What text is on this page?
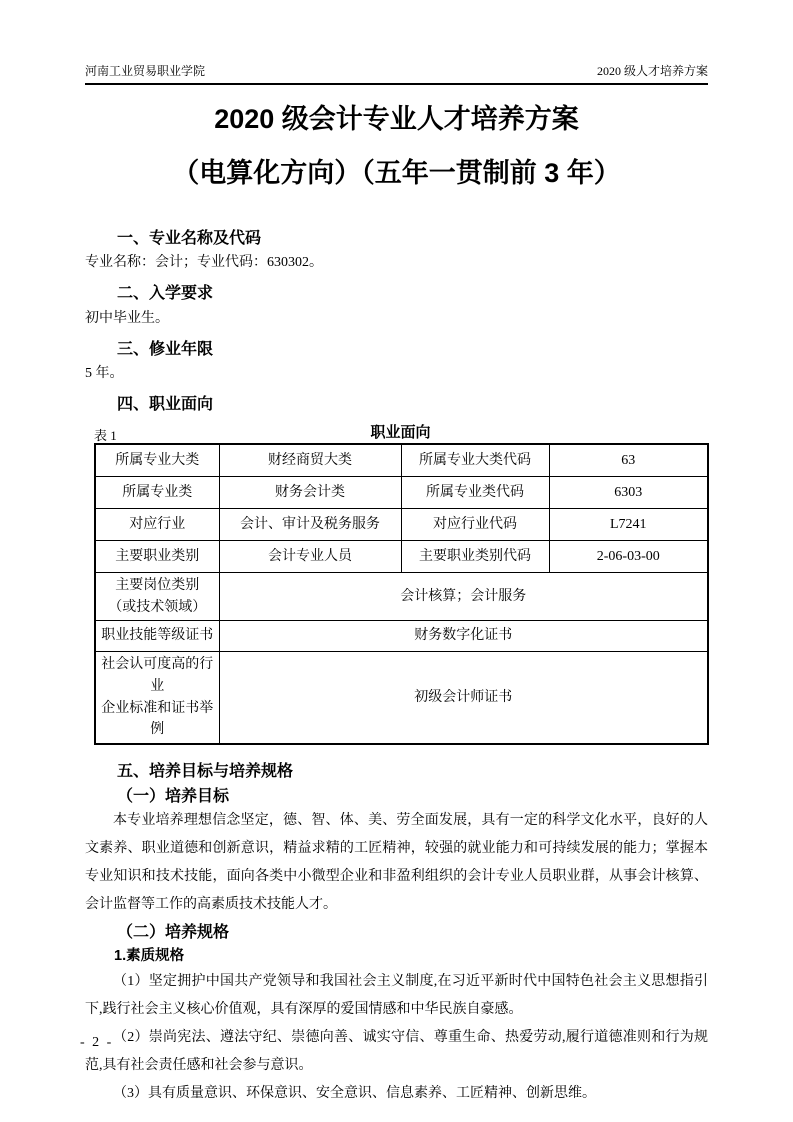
河南工业贸易职业学院	2020 级人才培养方案
2020 级会计专业人才培养方案
（电算化方向）（五年一贯制前 3 年）
一、专业名称及代码

专业名称：会计；专业代码：630302。

二、入学要求

初中毕业生。

三、修业年限

5 年。

四、职业面向
表 1	职业面向
所属专业大类	财经商贸大类	所属专业大类代码	63
所属专业类	财务会计类	所属专业类代码	6303
对应行业	会计、审计及税务服务	对应行业代码	L7241
主要职业类别	会计专业人员	主要职业类别代码	2-06-03-00

主要岗位类别
（或技术领域）	会计核算；会计服务		
职业技能等级证书	财务数字化证书		

社会认可度高的行业
企业标准和证书举例	初级会计师证书		
五、培养目标与培养规格
（一）培养目标

本专业培养理想信念坚定，德、智、体、美、劳全面发展，具有一定的科学文化水平，良好的人文素养、职业道德和创新意识，精益求精的工匠精神，较强的就业能力和可持续发展的能力；掌握本专业知识和技术技能，面向各类中小微型企业和非盈利组织的会计专业人员职业群，从事会计核算、会计监督等工作的高素质技术技能人才。

（二）培养规格
1.素质规格

（1）坚定拥护中国共产党领导和我国社会主义制度,在习近平新时代中国特色社会主义思想指引下,践行社会主义核心价值观，具有深厚的爱国情感和中华民族自豪感。

（2）崇尚宪法、遵法守纪、崇德向善、诚实守信、尊重生命、热爱劳动,履行道德准则和行为规范,具有社会责任感和社会参与意识。

（3）具有质量意识、环保意识、安全意识、信息素养、工匠精神、创新思维。

- 2 -
